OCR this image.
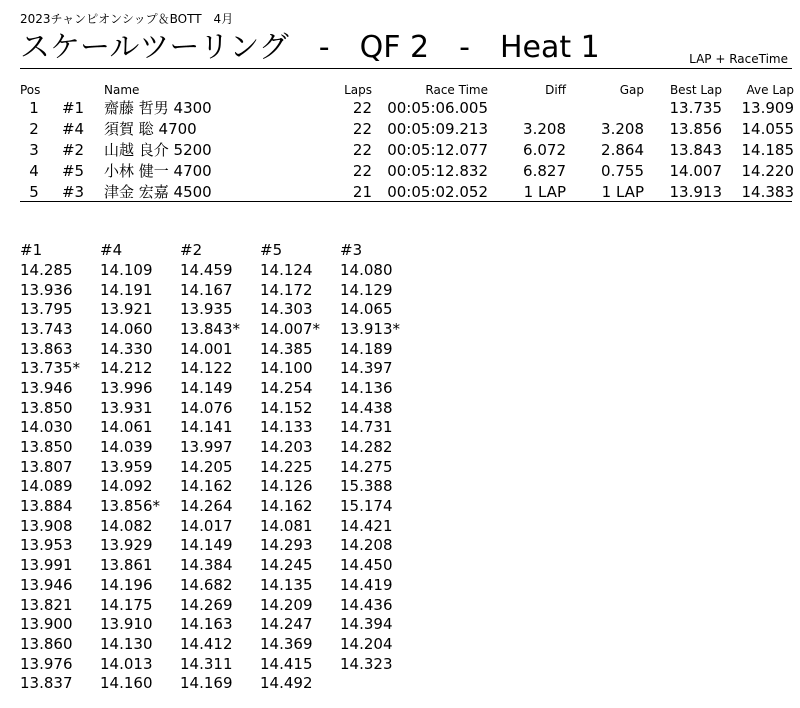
2023チャンピオンシップ＆BOTT　4月
スケールツーリング　-　QF 2　-　Heat 1	LAP + RaceTime
Pos		Name	Laps	Race Time	Diff	Gap	Best Lap	Ave Lap
1	#1	齋藤 哲男 4300	22	00:05:06.005			13.735	13.909
2	#4	須賀 聡 4700	22	00:05:09.213	3.208	3.208	13.856	14.055
3	#2	山越 良介 5200	22	00:05:12.077	6.072	2.864	13.843	14.185
4	#5	小林 健一 4700	22	00:05:12.832	6.827	0.755	14.007	14.220
5	#3	津金 宏嘉 4500	21	00:05:02.052	1 LAP	1 LAP	13.913	14.383
#1	#4	#2	#5	#3
14.285	14.109	14.459	14.124	14.080
13.936	14.191	14.167	14.172	14.129
13.795	13.921	13.935	14.303	14.065
13.743	14.060	13.843*	14.007*	13.913*
13.863	14.330	14.001	14.385	14.189
13.735*	14.212	14.122	14.100	14.397
13.946	13.996	14.149	14.254	14.136
13.850	13.931	14.076	14.152	14.438
14.030	14.061	14.141	14.133	14.731
13.850	14.039	13.997	14.203	14.282
13.807	13.959	14.205	14.225	14.275
14.089	14.092	14.162	14.126	15.388
13.884	13.856*	14.264	14.162	15.174
13.908	14.082	14.017	14.081	14.421
13.953	13.929	14.149	14.293	14.208
13.991	13.861	14.384	14.245	14.450
13.946	14.196	14.682	14.135	14.419
13.821	14.175	14.269	14.209	14.436
13.900	13.910	14.163	14.247	14.394
13.860	14.130	14.412	14.369	14.204
13.976	14.013	14.311	14.415	14.323
13.837	14.160	14.169	14.492	
